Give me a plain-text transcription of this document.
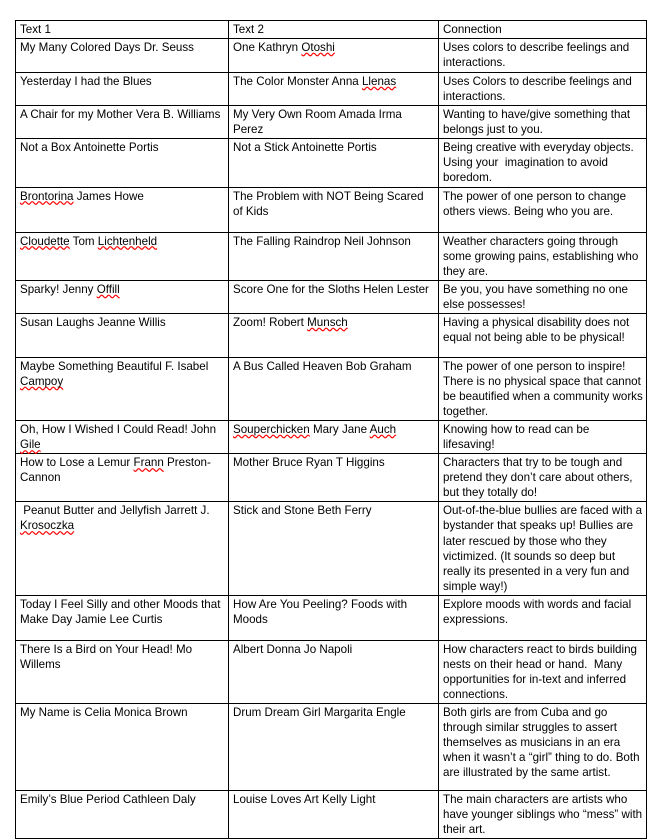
Text 1	Text 2	Connection

My Many Colored Days Dr. Seuss	One Kathryn Otoshi	Uses colors to describe feelings and interactions.

Yesterday I had the Blues	The Color Monster Anna Llenas	Uses Colors to describe feelings and interactions.

A Chair for my Mother Vera B. Williams	My Very Own Room Amada Irma Perez	Wanting to have/give something that belongs just to you.

Not a Box Antoinette Portis	Not a Stick Antoinette Portis	Being creative with everyday objects.  Using your  imagination to avoid boredom.

Brontorina James Howe	The Problem with NOT Being Scared of Kids	The power of one person to change others views. Being who you are.

Cloudette Tom Lichtenheld	The Falling Raindrop Neil Johnson	Weather characters going through some growing pains, establishing who they are.

Sparky! Jenny Offill	Score One for the Sloths Helen Lester	Be you, you have something no one else possesses!

Susan Laughs Jeanne Willis	Zoom! Robert Munsch	Having a physical disability does not equal not being able to be physical!

Maybe Something Beautiful F. Isabel Campoy	A Bus Called Heaven Bob Graham	The power of one person to inspire! There is no physical space that cannot be beautified when a community works together.

Oh, How I Wished I Could Read! John Gile	Souperchicken Mary Jane Auch	Knowing how to read can be lifesaving!

How to Lose a Lemur Frann Preston-Cannon	Mother Bruce Ryan T Higgins	Characters that try to be tough and pretend they don’t care about others, but they totally do!

Peanut Butter and Jellyfish Jarrett J. Krosoczka	Stick and Stone Beth Ferry	Out-of-the-blue bullies are faced with a bystander that speaks up! Bullies are later rescued by those who they victimized. (It sounds so deep but really its presented in a very fun and simple way!)

Today I Feel Silly and other Moods that Make Day Jamie Lee Curtis	How Are You Peeling? Foods with Moods	Explore moods with words and facial expressions.

There Is a Bird on Your Head! Mo Willems	Albert Donna Jo Napoli	How characters react to birds building nests on their head or hand.  Many opportunities for in-text and inferred connections.

My Name is Celia Monica Brown	Drum Dream Girl Margarita Engle	Both girls are from Cuba and go through similar struggles to assert themselves as musicians in an era when it wasn’t a “girl” thing to do. Both are illustrated by the same artist.

Emily’s Blue Period Cathleen Daly	Louise Loves Art Kelly Light	The main characters are artists who have younger siblings who “mess” with their art.
